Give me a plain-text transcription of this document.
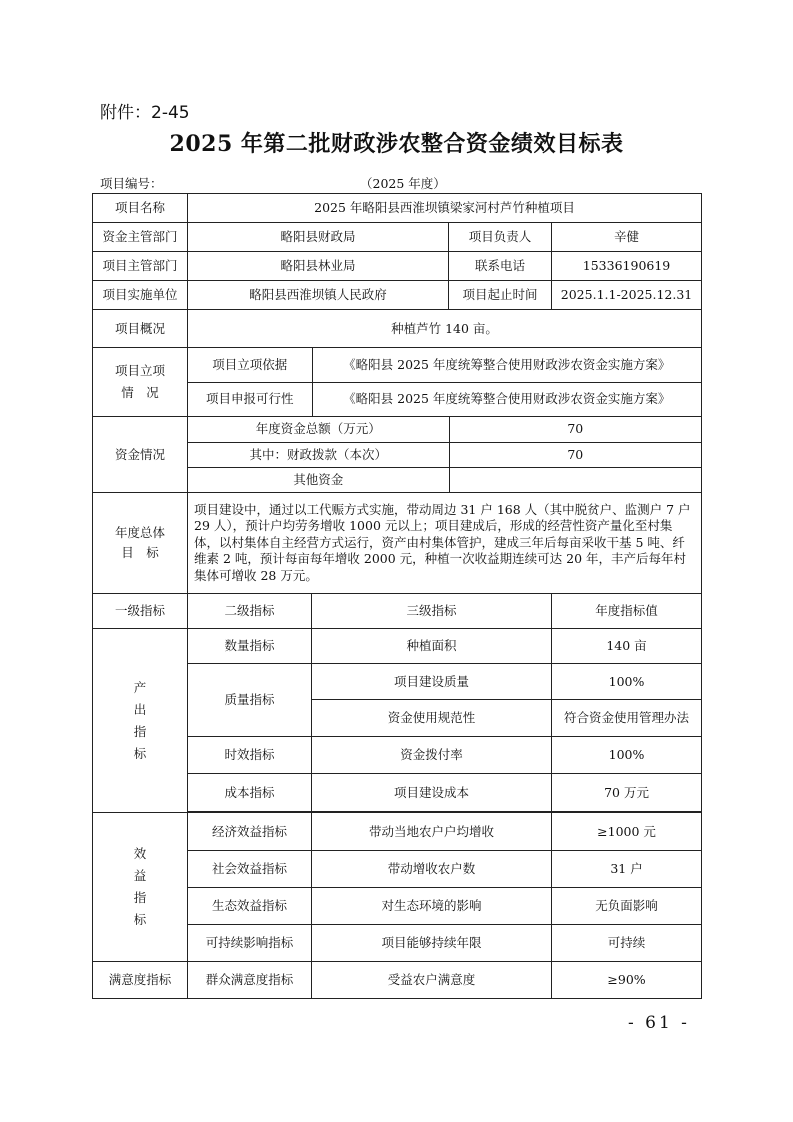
附件：2-45
2025 年第二批财政涉农整合资金绩效目标表
项目编号：	（2025 年度）
项目名称	2025 年略阳县西淮坝镇梁家河村芦竹种植项目
资金主管部门	略阳县财政局	项目负责人	辛健
项目主管部门	略阳县林业局	联系电话	15336190619
项目实施单位	略阳县西淮坝镇人民政府	项目起止时间	2025.1.1-2025.12.31
项目概况	种植芦竹 140 亩。

项目立项
情　况

项目立项依据	《略阳县 2025 年度统筹整合使用财政涉农资金实施方案》
项目申报可行性	《略阳县 2025 年度统筹整合使用财政涉农资金实施方案》

资金情况	
年度资金总额（万元）	70
其中：财政拨款（本次）	70
其他资金	

年度总体
目　标
	项目建设中，通过以工代赈方式实施，带动周边 31 户 168 人（其中脱贫户、监测户 7 户 29 人），预计户均劳务增收 1000 元以上；项目建成后，形成的经营性资产量化至村集体，以村集体自主经营方式运行，资产由村集体管护，建成三年后每亩采收干基 5 吨、纤维素 2 吨，预计每亩每年增收 2000 元，种植一次收益期连续可达 20 年，丰产后每年村集体可增收 28 万元。
一级指标	二级指标	三级指标	年度指标值

产
出
指
标
	数量指标	种植面积	140 亩
质量指标	项目建设质量	100%
资金使用规范性	符合资金使用管理办法
时效指标	资金拨付率	100%
成本指标	项目建设成本	70 万元

效
益
指
标
	经济效益指标	带动当地农户户均增收	≥1000 元
社会效益指标	带动增收农户数	31 户
生态效益指标	对生态环境的影响	无负面影响
可持续影响指标	项目能够持续年限	可持续
满意度指标	群众满意度指标	受益农户满意度	≥90%
- 61 -
